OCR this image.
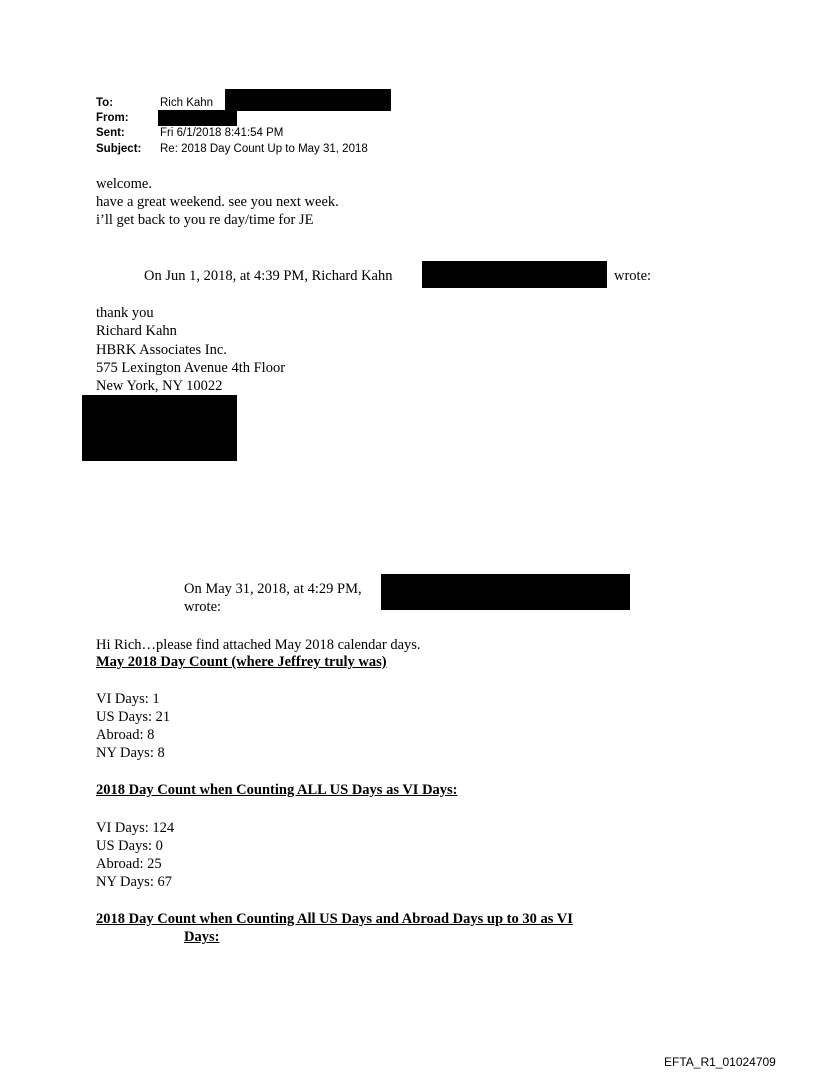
To:	Rich Kahn
From:
Sent:	Fri 6/1/2018 8:41:54 PM
Subject: Re: 2018 Day Count Up to May 31, 2018
welcome.
have a great weekend. see you next week.
i’ll get back to you re day/time for JE
On Jun 1, 2018, at 4:39 PM, Richard Kahn	wrote:
thank you
Richard Kahn
HBRK Associates Inc.
575 Lexington Avenue 4th Floor
New York, NY 10022
On May 31, 2018, at 4:29 PM,
wrote:
Hi Rich…please find attached May 2018 calendar days.
May 2018 Day Count (where Jeffrey truly was)
VI Days: 1
US Days: 21
Abroad: 8
NY Days: 8
2018 Day Count when Counting ALL US Days as VI Days:
VI Days: 124
US Days: 0
Abroad: 25
NY Days: 67
2018 Day Count when Counting All US Days and Abroad Days up to 30 as VI
Days:
EFTA_R1_01024709
